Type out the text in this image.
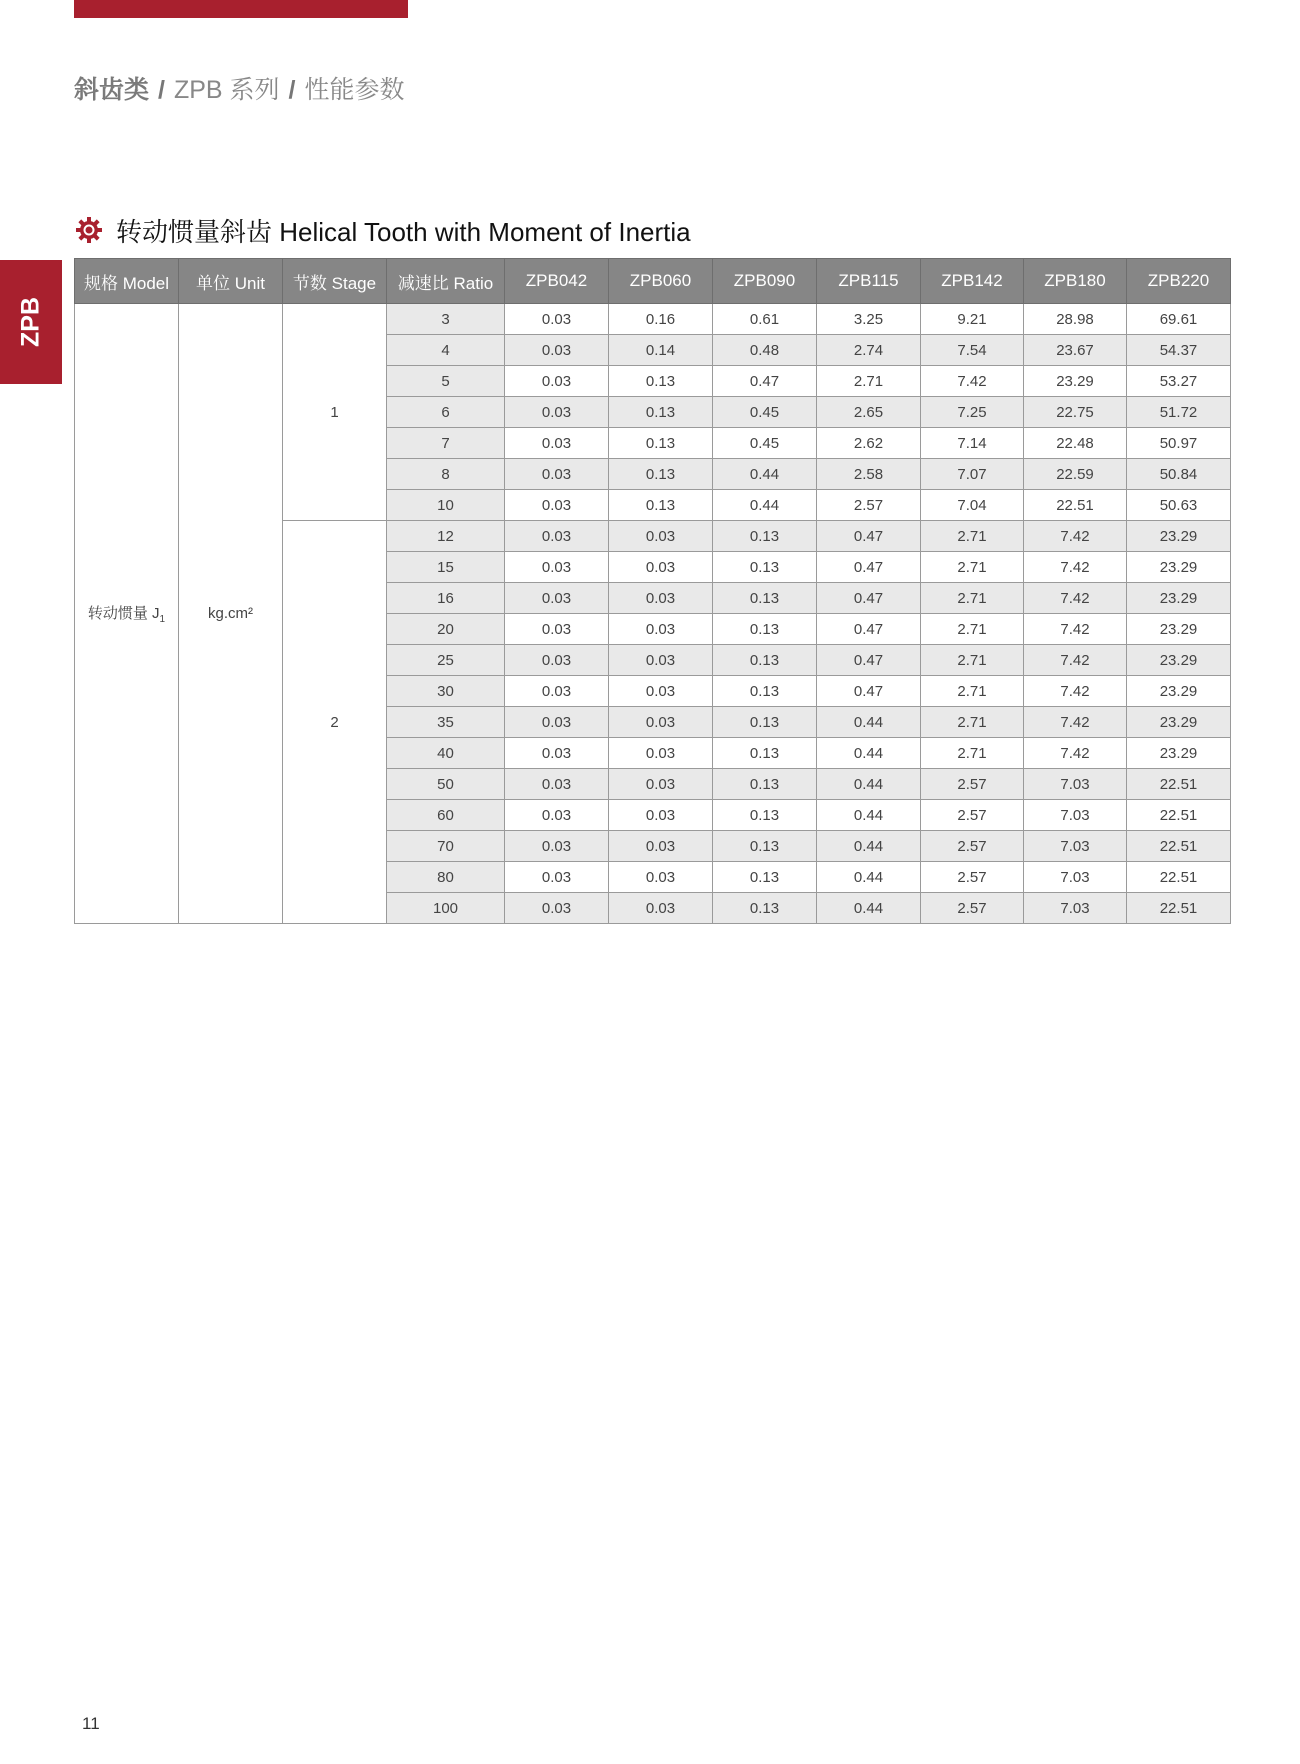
斜齿类 / ZPB 系列 / 性能参数
ZPB
转动惯量斜齿 Helical Tooth with Moment of Inertia
规格 Model	单位 Unit	节数 Stage	减速比 Ratio	ZPB042	ZPB060	ZPB090	ZPB115	ZPB142	ZPB180	ZPB220
转动惯量 $J_1$	kg.cm²	1	3	0.03	0.16	0.61	3.25	9.21	28.98	69.61
			4	0.03	0.14	0.48	2.74	7.54	23.67	54.37
			5	0.03	0.13	0.47	2.71	7.42	23.29	53.27
			6	0.03	0.13	0.45	2.65	7.25	22.75	51.72
			7	0.03	0.13	0.45	2.62	7.14	22.48	50.97
			8	0.03	0.13	0.44	2.58	7.07	22.59	50.84
			10	0.03	0.13	0.44	2.57	7.04	22.51	50.63
		2	12	0.03	0.03	0.13	0.47	2.71	7.42	23.29
			15	0.03	0.03	0.13	0.47	2.71	7.42	23.29
			16	0.03	0.03	0.13	0.47	2.71	7.42	23.29
			20	0.03	0.03	0.13	0.47	2.71	7.42	23.29
			25	0.03	0.03	0.13	0.47	2.71	7.42	23.29
			30	0.03	0.03	0.13	0.47	2.71	7.42	23.29
			35	0.03	0.03	0.13	0.44	2.71	7.42	23.29
			40	0.03	0.03	0.13	0.44	2.71	7.42	23.29
			50	0.03	0.03	0.13	0.44	2.57	7.03	22.51
			60	0.03	0.03	0.13	0.44	2.57	7.03	22.51
			70	0.03	0.03	0.13	0.44	2.57	7.03	22.51
			80	0.03	0.03	0.13	0.44	2.57	7.03	22.51
			100	0.03	0.03	0.13	0.44	2.57	7.03	22.51
11
